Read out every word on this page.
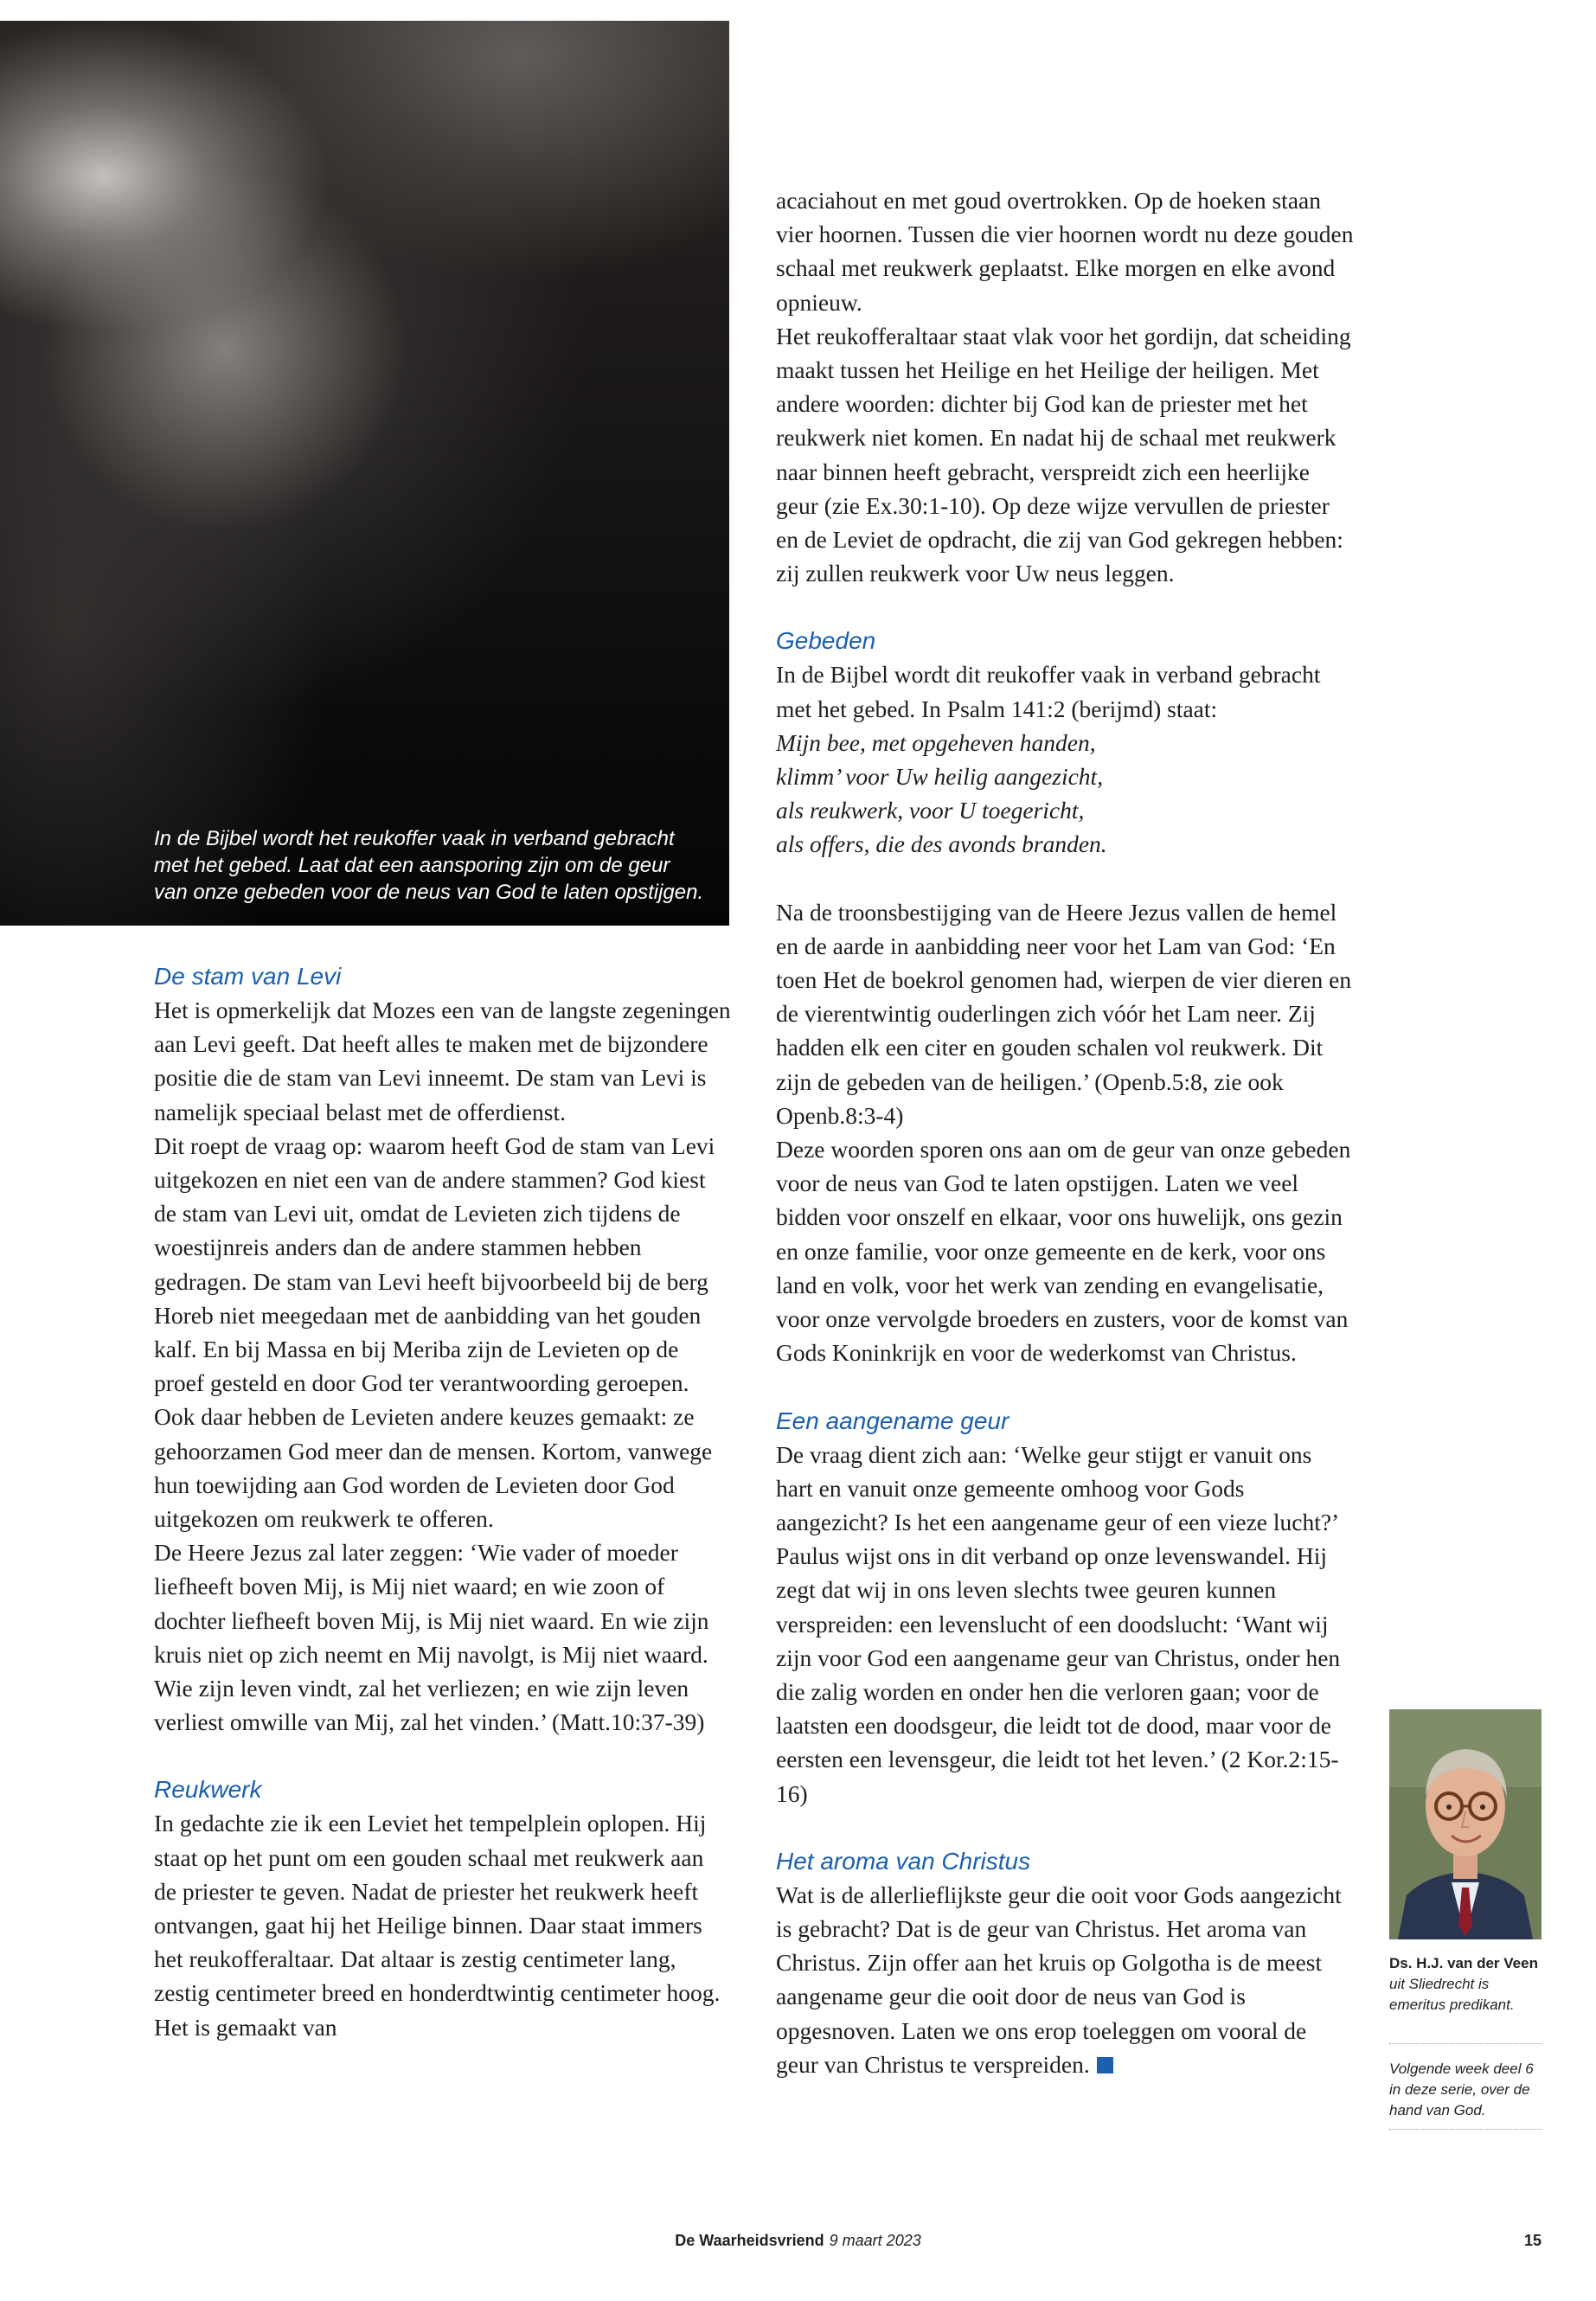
In de Bijbel wordt het reukoffer vaak in verband gebracht met het gebed. Laat dat een aansporing zijn om de geur van onze gebeden voor de neus van God te laten opstijgen.
De stam van Levi

Het is opmerkelijk dat Mozes een van de langste zegeningen aan Levi geeft. Dat heeft alles te maken met de bijzondere positie die de stam van Levi inneemt. De stam van Levi is namelijk speciaal belast met de offerdienst.

Dit roept de vraag op: waarom heeft God de stam van Levi uitgekozen en niet een van de andere stammen? God kiest de stam van Levi uit, omdat de Levieten zich tijdens de woestijnreis anders dan de andere stammen hebben gedragen. De stam van Levi heeft bijvoorbeeld bij de berg Horeb niet meegedaan met de aanbidding van het gouden kalf. En bij Massa en bij Meriba zijn de Levieten op de proef gesteld en door God ter verantwoording geroepen. Ook daar hebben de Levieten andere keuzes gemaakt: ze gehoorzamen God meer dan de mensen. Kortom, vanwege hun toewijding aan God worden de Levieten door God uitgekozen om reukwerk te offeren.

De Heere Jezus zal later zeggen: ‘Wie vader of moeder liefheeft boven Mij, is Mij niet waard; en wie zoon of dochter liefheeft boven Mij, is Mij niet waard. En wie zijn kruis niet op zich neemt en Mij navolgt, is Mij niet waard. Wie zijn leven vindt, zal het verliezen; en wie zijn leven verliest omwille van Mij, zal het vinden.’ (Matt.10:37-39)

Reukwerk

In gedachte zie ik een Leviet het tempelplein oplopen. Hij staat op het punt om een gouden schaal met reukwerk aan de priester te geven. Nadat de priester het reukwerk heeft ontvangen, gaat hij het Heilige binnen. Daar staat immers het reukofferaltaar. Dat altaar is zestig centimeter lang, zestig centimeter breed en honderdtwintig centimeter hoog. Het is gemaakt van

acaciahout en met goud overtrokken. Op de hoeken staan vier hoornen. Tussen die vier hoornen wordt nu deze gouden schaal met reukwerk geplaatst. Elke morgen en elke avond opnieuw.

Het reukofferaltaar staat vlak voor het gordijn, dat scheiding maakt tussen het Heilige en het Heilige der heiligen. Met andere woorden: dichter bij God kan de priester met het reukwerk niet komen. En nadat hij de schaal met reukwerk naar binnen heeft gebracht, verspreidt zich een heerlijke geur (zie Ex.30:1-10). Op deze wijze vervullen de priester en de Leviet de opdracht, die zij van God gekregen hebben: zij zullen reukwerk voor Uw neus leggen.

Gebeden

In de Bijbel wordt dit reukoffer vaak in verband gebracht met het gebed. In Psalm 141:2 (berijmd) staat:

Mijn bee, met opgeheven handen,

klimm’ voor Uw heilig aangezicht,

als reukwerk, voor U toegericht,

als offers, die des avonds branden.

Na de troonsbestijging van de Heere Jezus vallen de hemel en de aarde in aanbidding neer voor het Lam van God: ‘En toen Het de boekrol genomen had, wierpen de vier dieren en de vierentwintig ouderlingen zich vóór het Lam neer. Zij hadden elk een citer en gouden schalen vol reukwerk. Dit zijn de gebeden van de heiligen.’ (Openb.5:8, zie ook Openb.8:3-4)

Deze woorden sporen ons aan om de geur van onze gebeden voor de neus van God te laten opstijgen. Laten we veel bidden voor onszelf en elkaar, voor ons huwelijk, ons gezin en onze familie, voor onze gemeente en de kerk, voor ons land en volk, voor het werk van zending en evangelisatie, voor onze vervolgde broeders en zusters, voor de komst van Gods Koninkrijk en voor de wederkomst van Christus.

Een aangename geur

De vraag dient zich aan: ‘Welke geur stijgt er vanuit ons hart en vanuit onze gemeente omhoog voor Gods aangezicht? Is het een aangename geur of een vieze lucht?’ Paulus wijst ons in dit verband op onze levenswandel. Hij zegt dat wij in ons leven slechts twee geuren kunnen verspreiden: een levenslucht of een doodslucht: ‘Want wij zijn voor God een aangename geur van Christus, onder hen die zalig worden en onder hen die verloren gaan; voor de laatsten een doodsgeur, die leidt tot de dood, maar voor de eersten een levensgeur, die leidt tot het leven.’ (2 Kor.2:15-16)

Het aroma van Christus

Wat is de allerlieflijkste geur die ooit voor Gods aangezicht is gebracht? Dat is de geur van Christus. Het aroma van Christus. Zijn offer aan het kruis op Golgotha is de meest aangename geur die ooit door de neus van God is opgesnoven. Laten we ons erop toeleggen om vooral de geur van Christus te verspreiden.

Ds. H.J. van der Veen
uit Sliedrecht is
emeritus predikant.
Volgende week deel 6
in deze serie, over de
hand van God.
De Waarheidsvriend 9 maart 2023	15
